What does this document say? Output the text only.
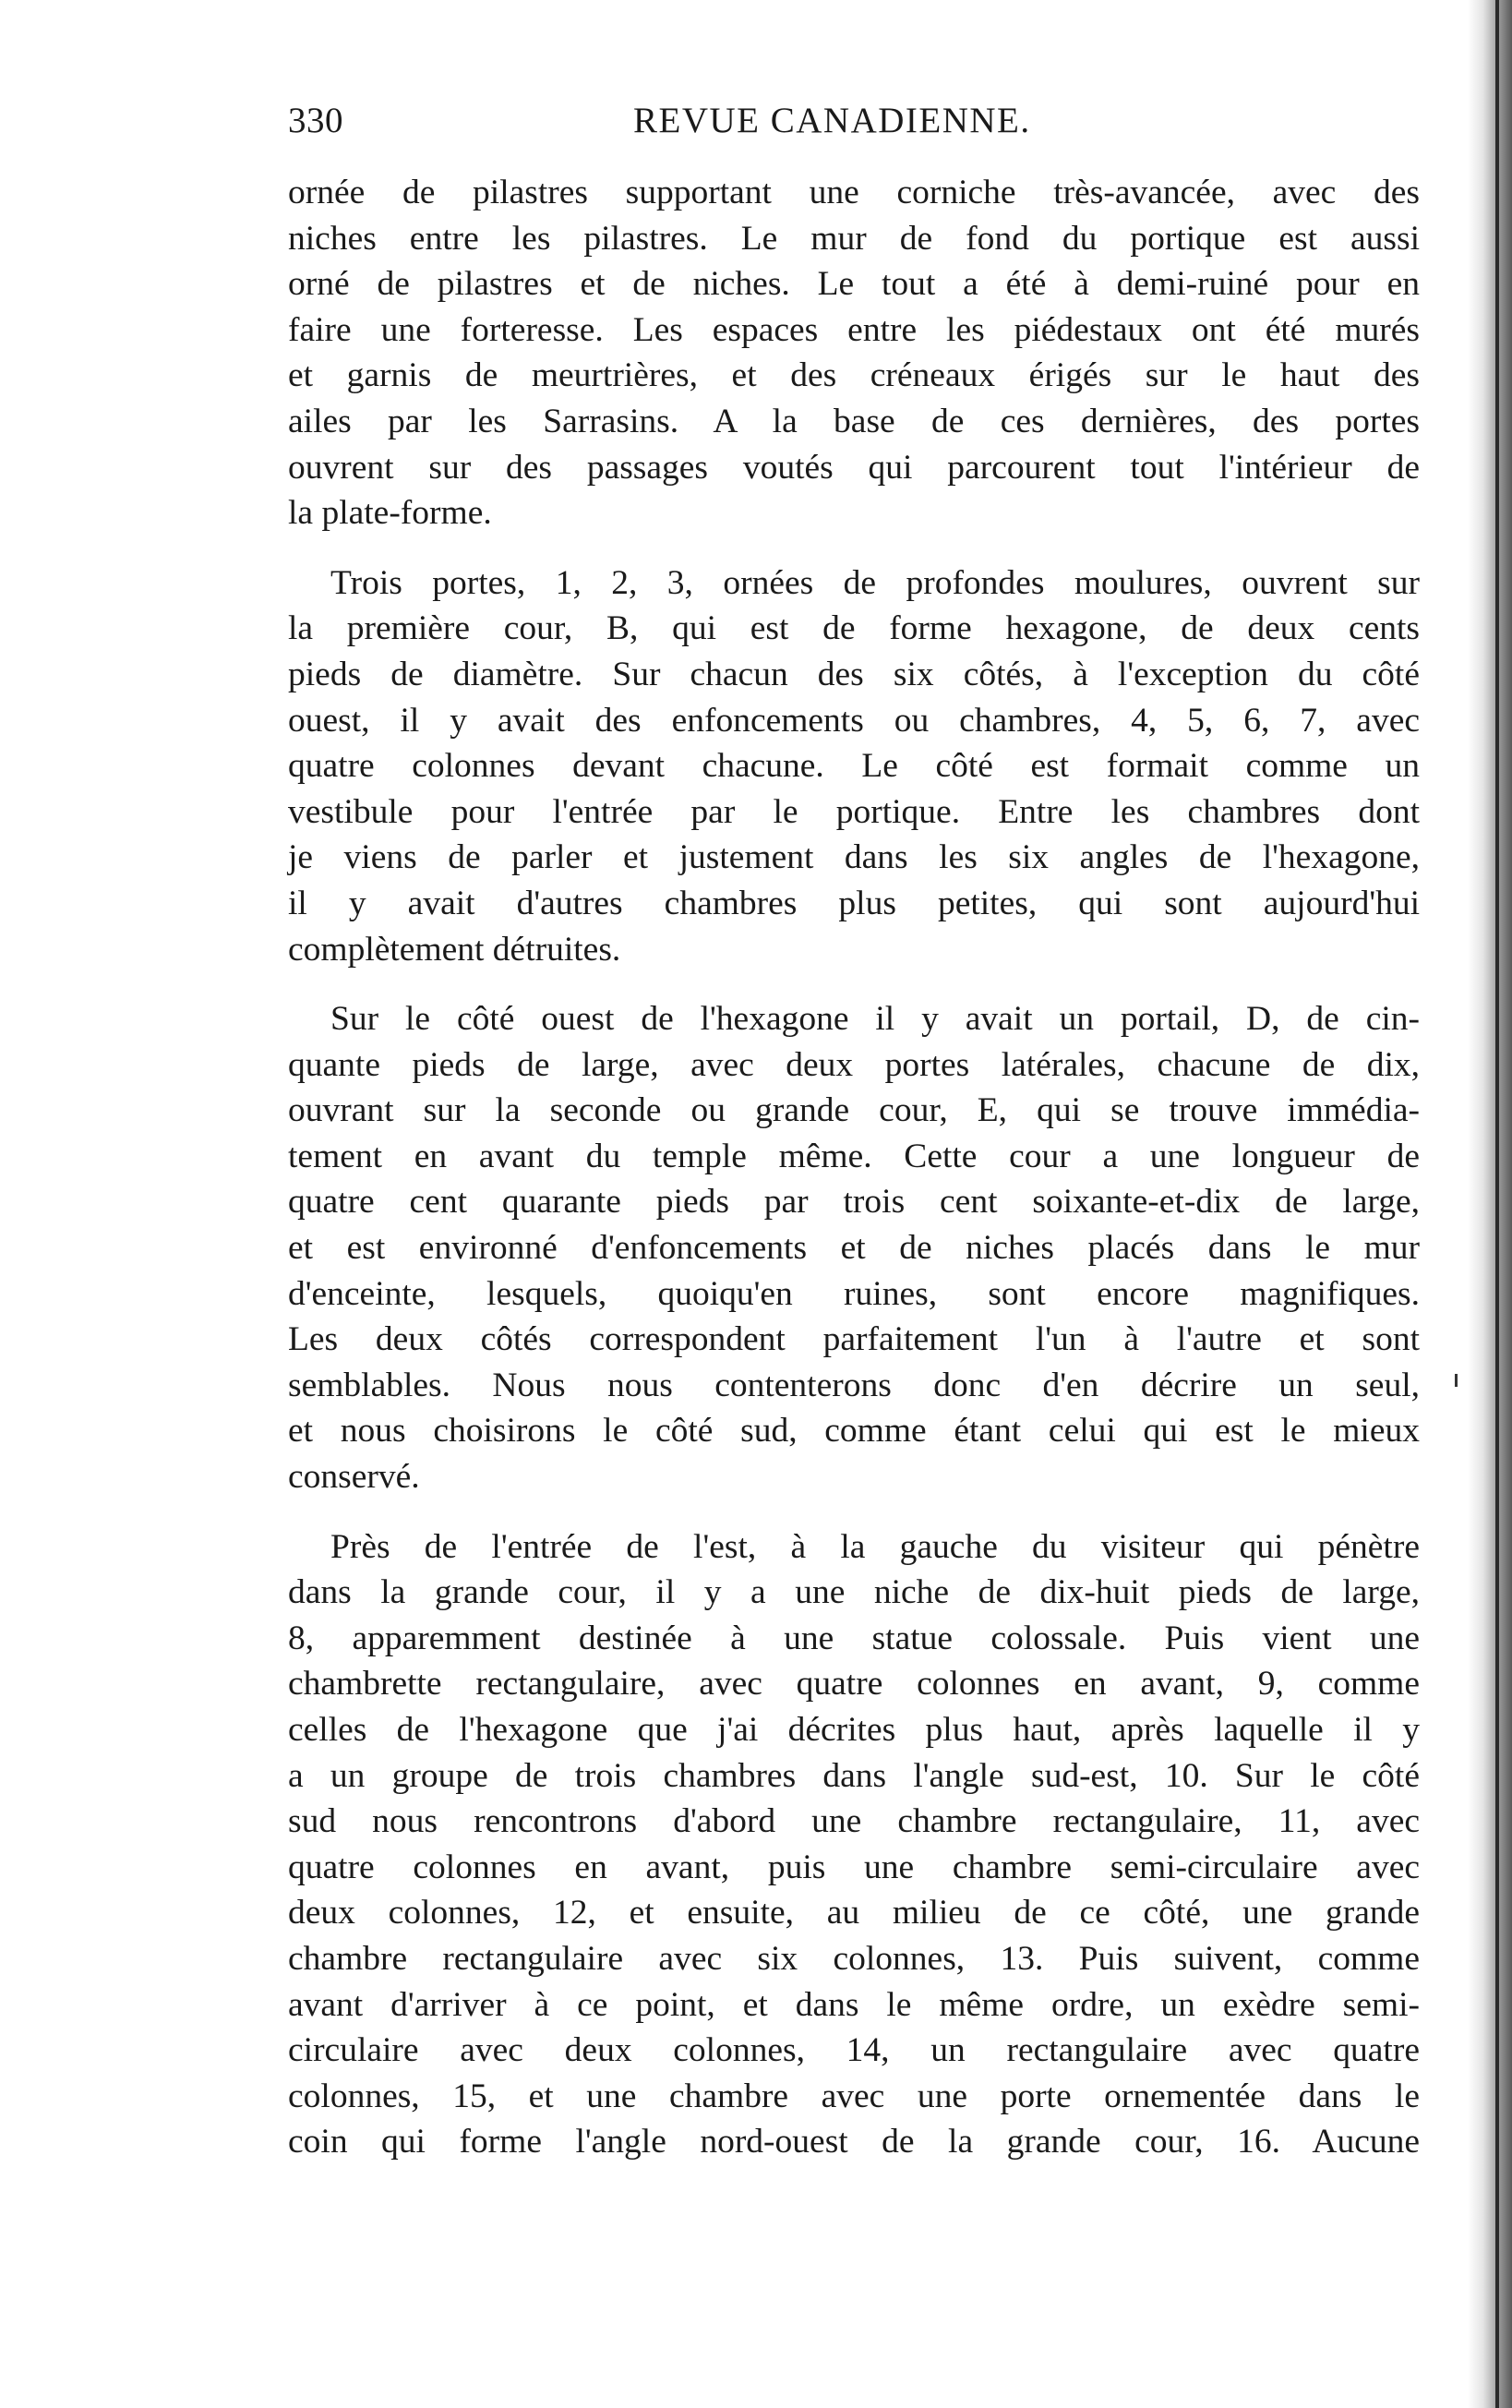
330	REVUE CANADIENNE.
ornée de pilastres supportant une corniche très-avancée, avec des
niches entre les pilastres. Le mur de fond du portique est aussi
orné de pilastres et de niches. Le tout a été à demi-ruiné pour en
faire une forteresse. Les espaces entre les piédestaux ont été murés
et garnis de meurtrières, et des créneaux érigés sur le haut des
ailes par les Sarrasins. A la base de ces dernières, des portes
ouvrent sur des passages voutés qui parcourent tout l'intérieur de
la plate-forme.
Trois portes, 1, 2, 3, ornées de profondes moulures, ouvrent sur
la première cour, B, qui est de forme hexagone, de deux cents
pieds de diamètre. Sur chacun des six côtés, à l'exception du côté
ouest, il y avait des enfoncements ou chambres, 4, 5, 6, 7, avec
quatre colonnes devant chacune. Le côté est formait comme un
vestibule pour l'entrée par le portique. Entre les chambres dont
je viens de parler et justement dans les six angles de l'hexagone,
il y avait d'autres chambres plus petites, qui sont aujourd'hui
complètement détruites.
Sur le côté ouest de l'hexagone il y avait un portail, D, de cin-
quante pieds de large, avec deux portes latérales, chacune de dix,
ouvrant sur la seconde ou grande cour, E, qui se trouve immédia-
tement en avant du temple même. Cette cour a une longueur de
quatre cent quarante pieds par trois cent soixante-et-dix de large,
et est environné d'enfoncements et de niches placés dans le mur
d'enceinte, lesquels, quoiqu'en ruines, sont encore magnifiques.
Les deux côtés correspondent parfaitement l'un à l'autre et sont
semblables. Nous nous contenterons donc d'en décrire un seul,
et nous choisirons le côté sud, comme étant celui qui est le mieux
conservé.
Près de l'entrée de l'est, à la gauche du visiteur qui pénètre
dans la grande cour, il y a une niche de dix-huit pieds de large,
8, apparemment destinée à une statue colossale. Puis vient une
chambrette rectangulaire, avec quatre colonnes en avant, 9, comme
celles de l'hexagone que j'ai décrites plus haut, après laquelle il y
a un groupe de trois chambres dans l'angle sud-est, 10. Sur le côté
sud nous rencontrons d'abord une chambre rectangulaire, 11, avec
quatre colonnes en avant, puis une chambre semi-circulaire avec
deux colonnes, 12, et ensuite, au milieu de ce côté, une grande
chambre rectangulaire avec six colonnes, 13. Puis suivent, comme
avant d'arriver à ce point, et dans le même ordre, un exèdre semi-
circulaire avec deux colonnes, 14, un rectangulaire avec quatre
colonnes, 15, et une chambre avec une porte ornementée dans le
coin qui forme l'angle nord-ouest de la grande cour, 16. Aucune
